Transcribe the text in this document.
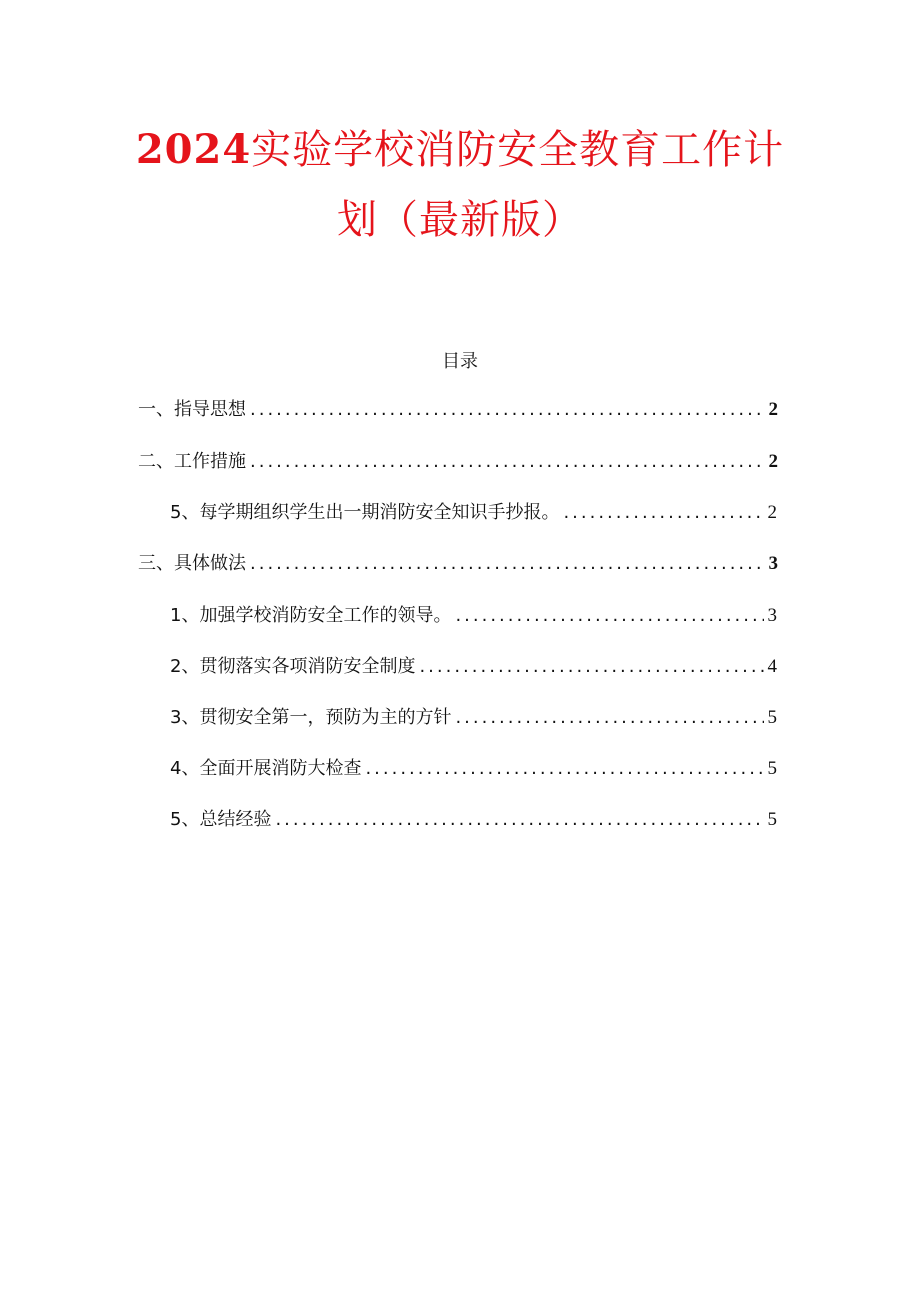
2024实验学校消防安全教育工作计
划（最新版）
目录
一、指导思想 .....	2
二、工作措施 .....	2
5、每学期组织学生出一期消防安全知识手抄报。 .....	2
三、具体做法 .....	3
1、加强学校消防安全工作的领导。 .....	3
2、贯彻落实各项消防安全制度 .....	4
3、贯彻安全第一，预防为主的方针 .....	5
4、全面开展消防大检查 .....	5
5、总结经验 .....	5
